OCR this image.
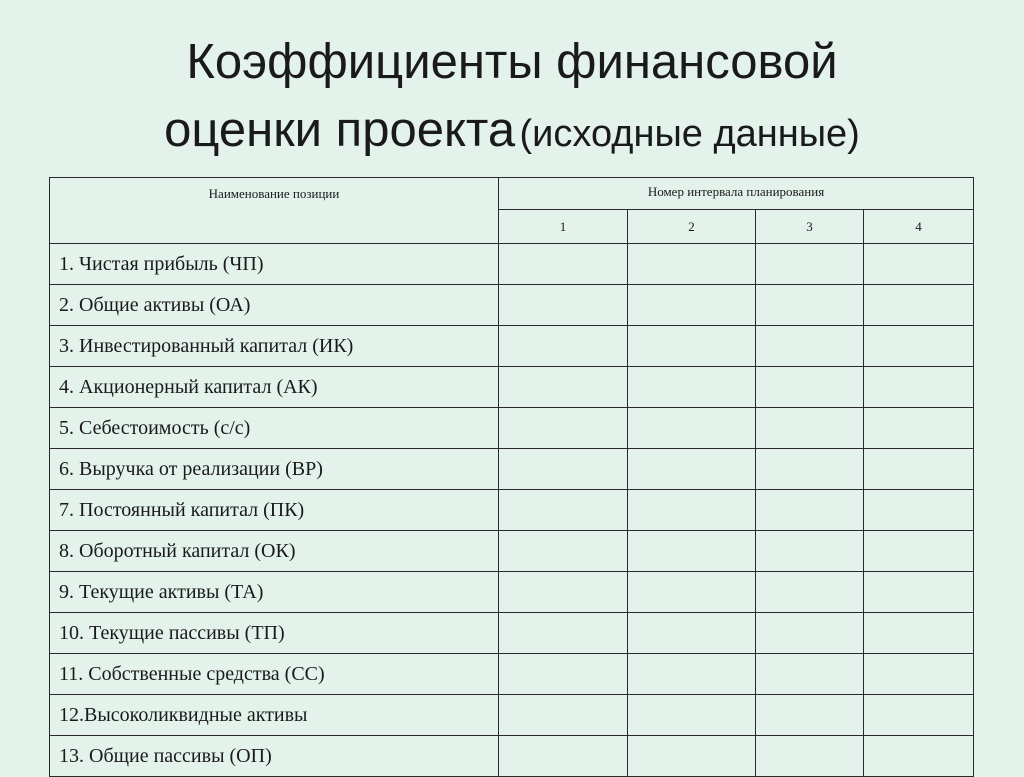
Коэффициенты финансовой
оценки проекта (исходные данные)
Наименование позиции	Номер интервала планирования			
	1	2	3	4
1. Чистая прибыль (ЧП)				
2. Общие активы (ОА)				
3. Инвестированный капитал (ИК)				
4. Акционерный капитал (АК)				
5. Себестоимость (с/с)				
6. Выручка от реализации (ВР)				
7. Постоянный капитал (ПК)				
8. Оборотный капитал (ОК)				
9. Текущие активы (ТА)				
10. Текущие пассивы (ТП)				
11. Собственные средства (СС)				
12.Высоколиквидные активы				
13. Общие пассивы (ОП)				
